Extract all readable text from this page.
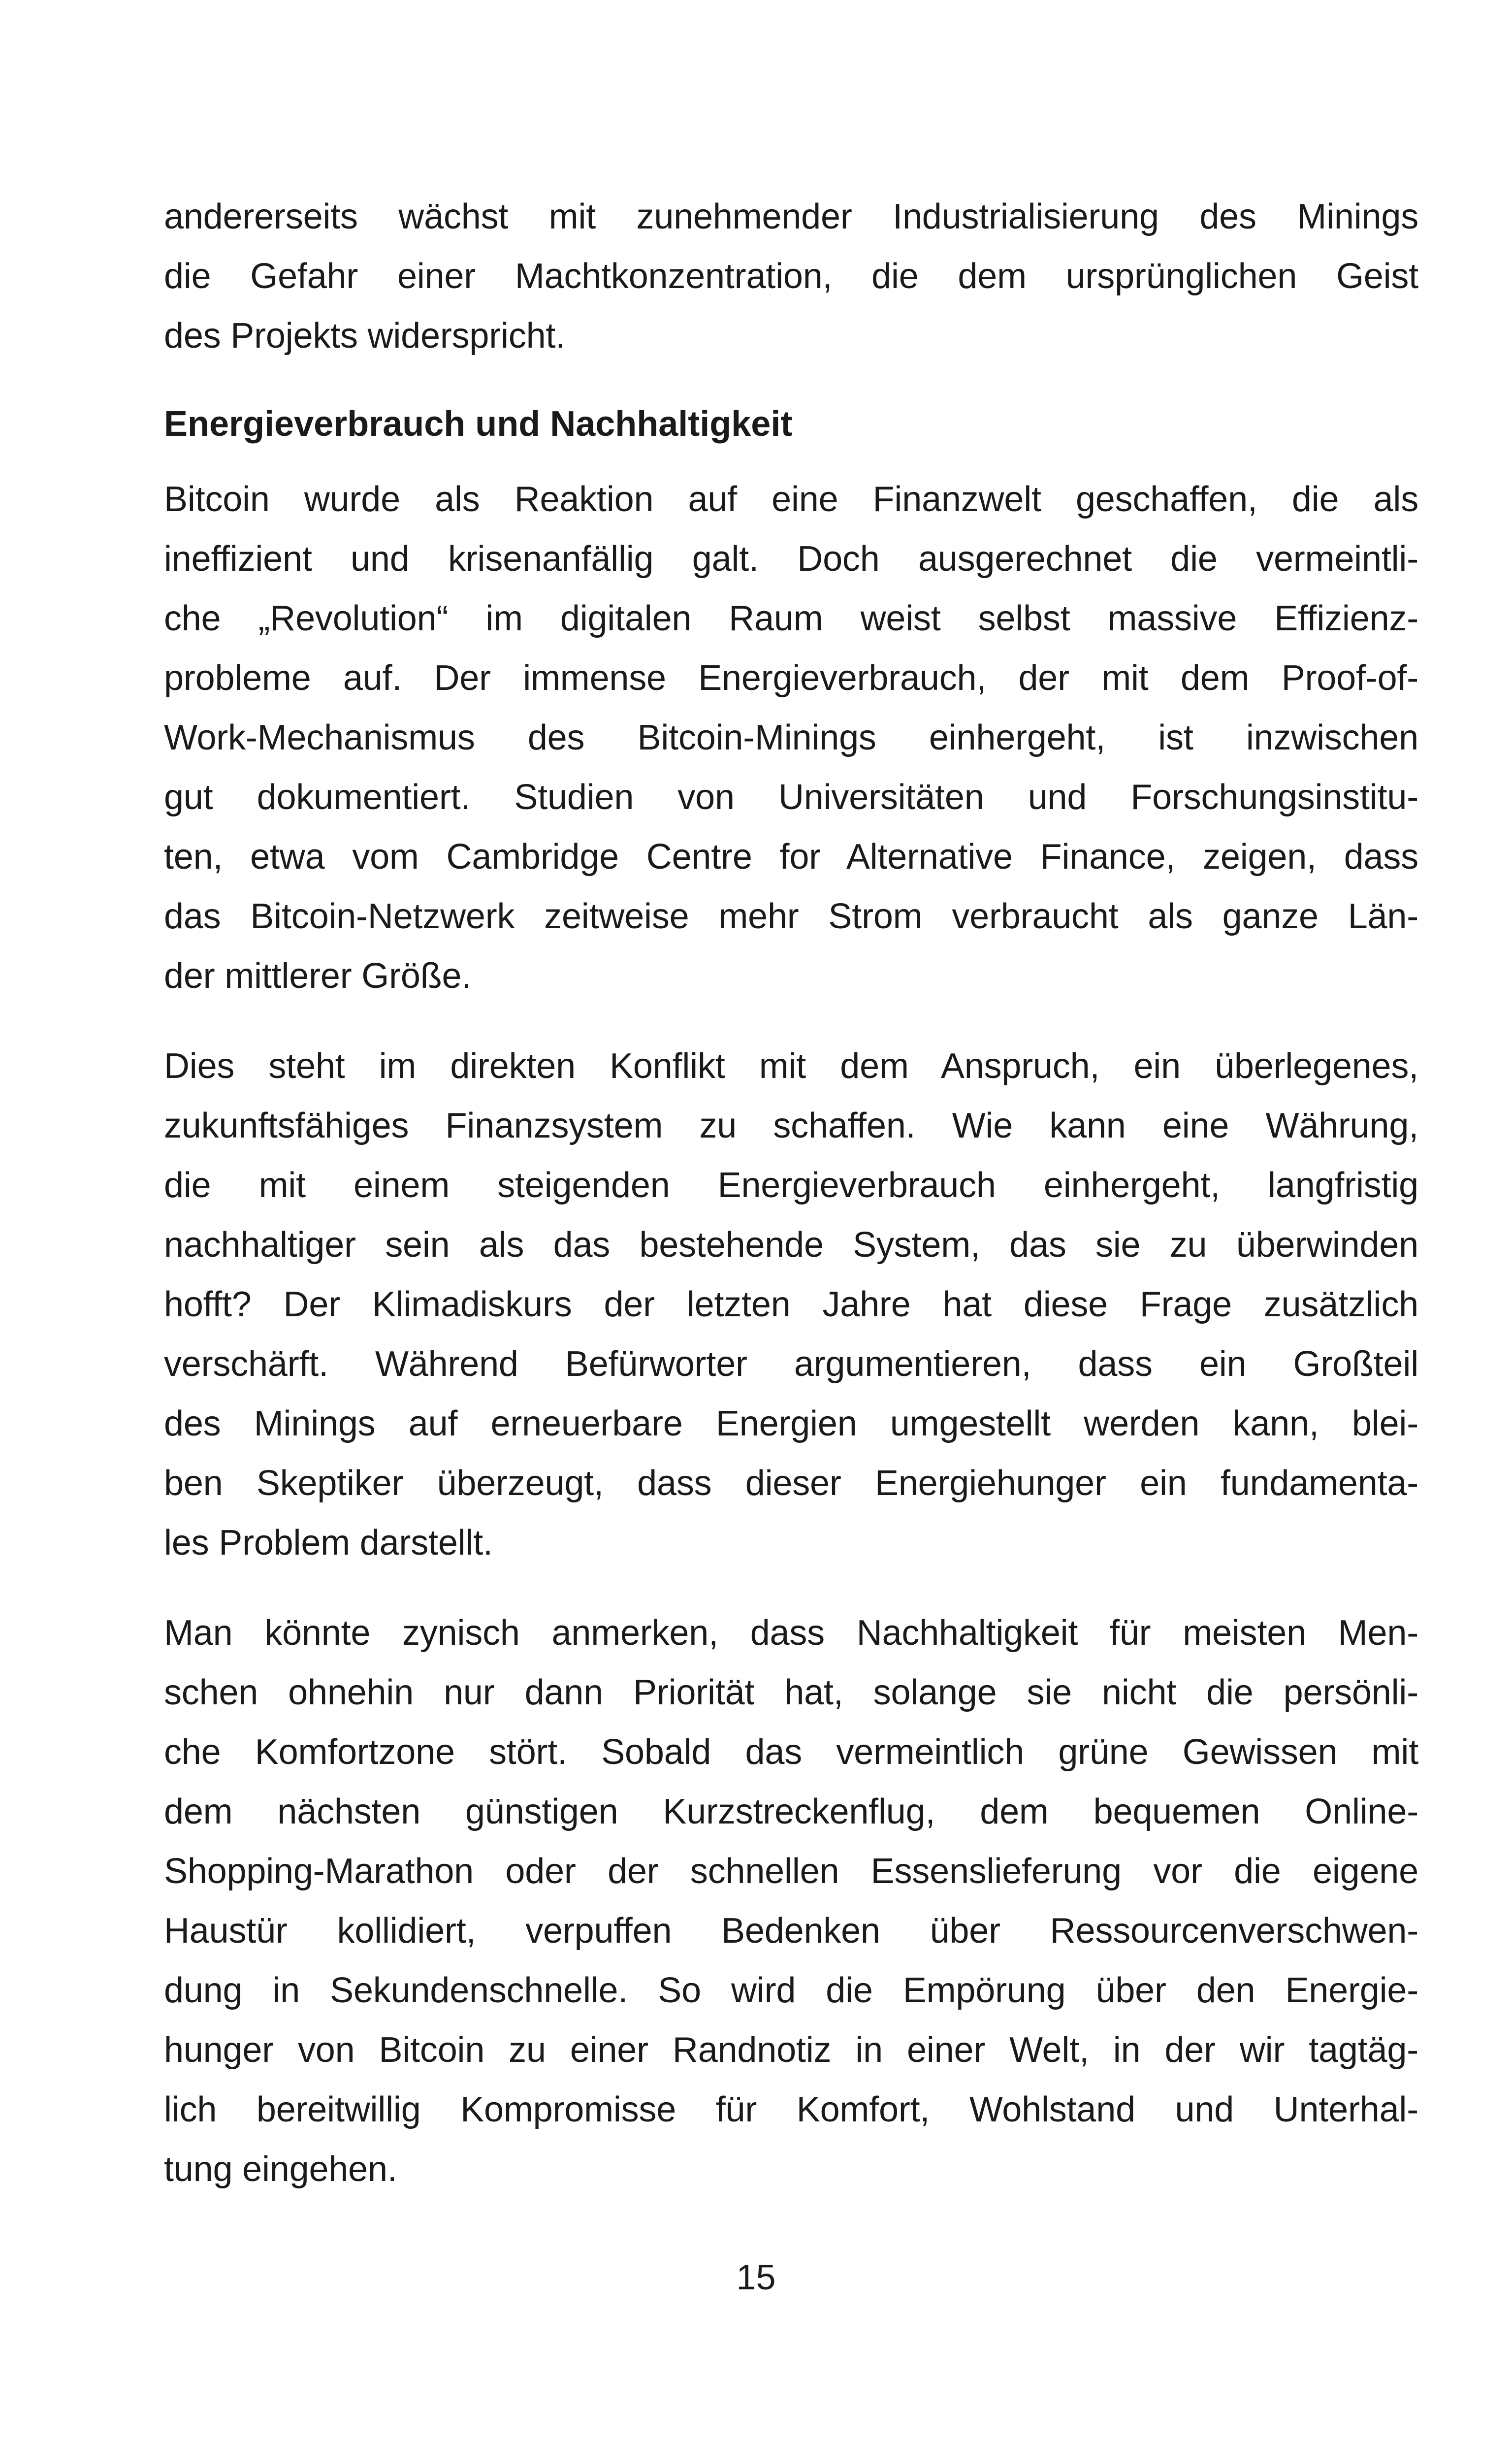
andererseits wächst mit zunehmender Industrialisierung des Minings
die Gefahr einer Machtkonzentration, die dem ursprünglichen Geist
des Projekts widerspricht.

Energieverbrauch und Nachhaltigkeit

Bitcoin wurde als Reaktion auf eine Finanzwelt geschaffen, die als
ineffizient und krisenanfällig galt. Doch ausgerechnet die vermeintli-
che „Revolution“ im digitalen Raum weist selbst massive Effizienz-
probleme auf. Der immense Energieverbrauch, der mit dem Proof-of-
Work-Mechanismus des Bitcoin-Minings einhergeht, ist inzwischen
gut dokumentiert. Studien von Universitäten und Forschungsinstitu-
ten, etwa vom Cambridge Centre for Alternative Finance, zeigen, dass
das Bitcoin-Netzwerk zeitweise mehr Strom verbraucht als ganze Län-
der mittlerer Größe.

Dies steht im direkten Konflikt mit dem Anspruch, ein überlegenes,
zukunftsfähiges Finanzsystem zu schaffen. Wie kann eine Währung,
die mit einem steigenden Energieverbrauch einhergeht, langfristig
nachhaltiger sein als das bestehende System, das sie zu überwinden
hofft? Der Klimadiskurs der letzten Jahre hat diese Frage zusätzlich
verschärft. Während Befürworter argumentieren, dass ein Großteil
des Minings auf erneuerbare Energien umgestellt werden kann, blei-
ben Skeptiker überzeugt, dass dieser Energiehunger ein fundamenta-
les Problem darstellt.

Man könnte zynisch anmerken, dass Nachhaltigkeit für meisten Men-
schen ohnehin nur dann Priorität hat, solange sie nicht die persönli-
che Komfortzone stört. Sobald das vermeintlich grüne Gewissen mit
dem nächsten günstigen Kurzstreckenflug, dem bequemen Online-
Shopping-Marathon oder der schnellen Essenslieferung vor die eigene
Haustür kollidiert, verpuffen Bedenken über Ressourcenverschwen-
dung in Sekundenschnelle. So wird die Empörung über den Energie-
hunger von Bitcoin zu einer Randnotiz in einer Welt, in der wir tagtäg-
lich bereitwillig Kompromisse für Komfort, Wohlstand und Unterhal-
tung eingehen.

15
